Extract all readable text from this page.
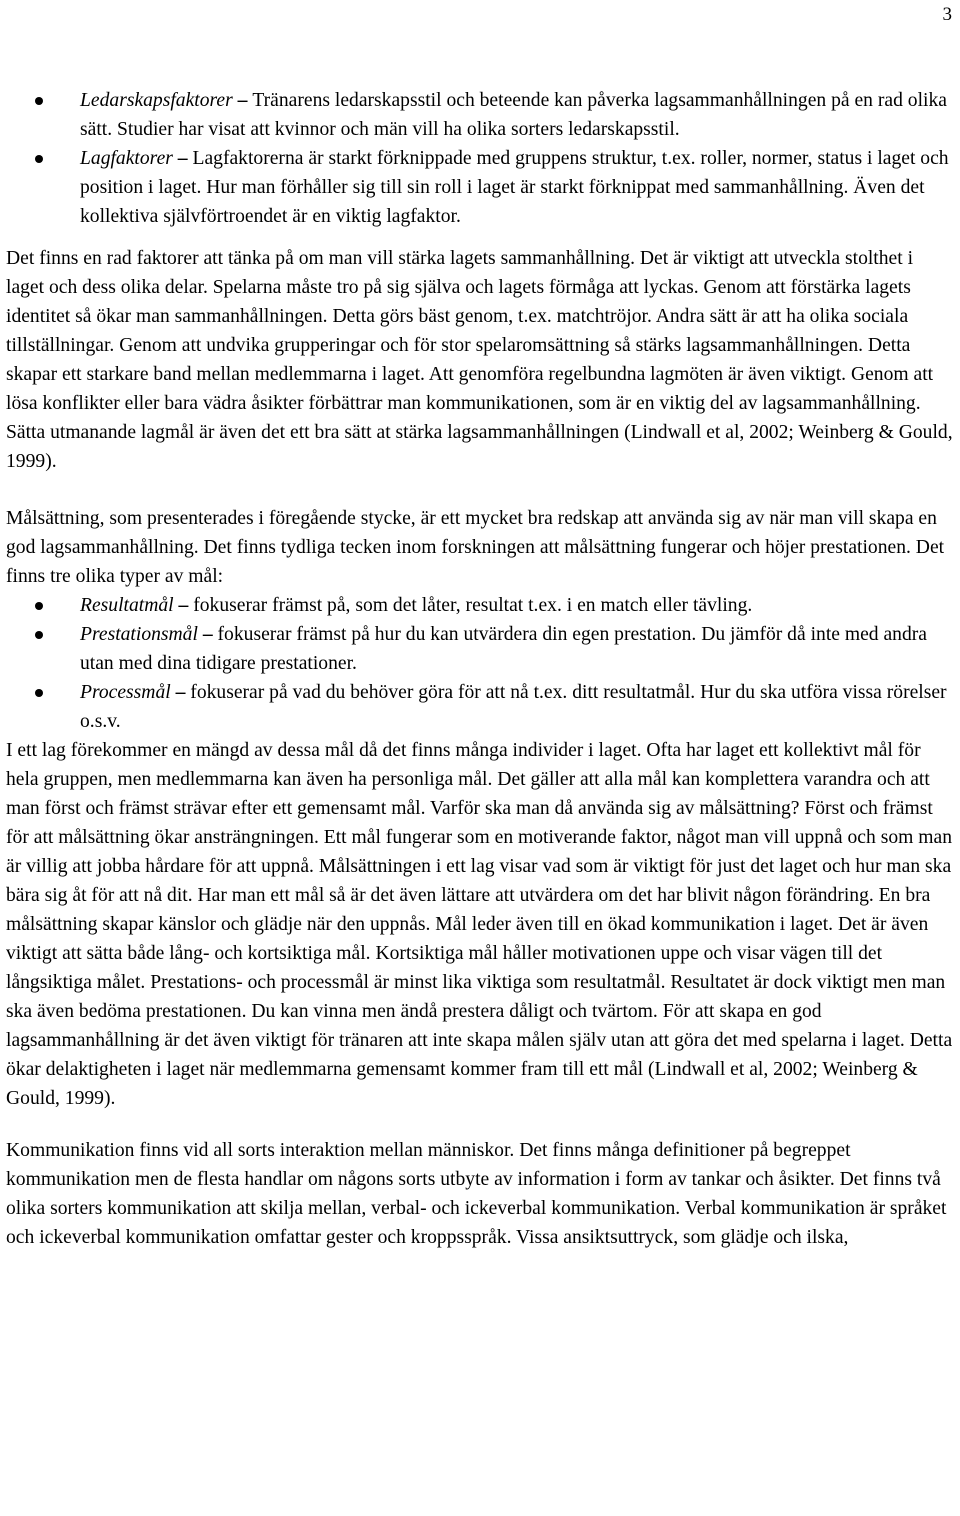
3
Ledarskapsfaktorer – Tränarens ledarskapsstil och beteende kan påverka lagsammanhållningen på en rad olika sätt. Studier har visat att kvinnor och män vill ha olika sorters ledarskapsstil.
Lagfaktorer – Lagfaktorerna är starkt förknippade med gruppens struktur, t.ex. roller, normer, status i laget och position i laget. Hur man förhåller sig till sin roll i laget är starkt förknippat med sammanhållning. Även det kollektiva självförtroendet är en viktig lagfaktor.

Det finns en rad faktorer att tänka på om man vill stärka lagets sammanhållning. Det är viktigt att utveckla stolthet i laget och dess olika delar. Spelarna måste tro på sig själva och lagets förmåga att lyckas. Genom att förstärka lagets identitet så ökar man sammanhållningen. Detta görs bäst genom, t.ex. matchtröjor. Andra sätt är att ha olika sociala tillställningar. Genom att undvika grupperingar och för stor spelaromsättning så stärks lagsammanhållningen. Detta skapar ett starkare band mellan medlemmarna i laget. Att genomföra regelbundna lagmöten är även viktigt. Genom att lösa konflikter eller bara vädra åsikter förbättrar man kommunikationen, som är en viktig del av lagsammanhållning. Sätta utmanande lagmål är även det ett bra sätt at stärka lagsammanhållningen (Lindwall et al, 2002; Weinberg & Gould, 1999).

Målsättning, som presenterades i föregående stycke, är ett mycket bra redskap att använda sig av när man vill skapa en god lagsammanhållning. Det finns tydliga tecken inom forskningen att målsättning fungerar och höjer prestationen. Det finns tre olika typer av mål:

Resultatmål – fokuserar främst på, som det låter, resultat t.ex. i en match eller tävling.
Prestationsmål – fokuserar främst på hur du kan utvärdera din egen prestation. Du jämför då inte med andra utan med dina tidigare prestationer.
Processmål – fokuserar på vad du behöver göra för att nå t.ex. ditt resultatmål. Hur du ska utföra vissa rörelser o.s.v.

I ett lag förekommer en mängd av dessa mål då det finns många individer i laget. Ofta har laget ett kollektivt mål för hela gruppen, men medlemmarna kan även ha personliga mål. Det gäller att alla mål kan komplettera varandra och att man först och främst strävar efter ett gemensamt mål. Varför ska man då använda sig av målsättning? Först och främst för att målsättning ökar ansträngningen. Ett mål fungerar som en motiverande faktor, något man vill uppnå och som man är villig att jobba hårdare för att uppnå. Målsättningen i ett lag visar vad som är viktigt för just det laget och hur man ska bära sig åt för att nå dit. Har man ett mål så är det även lättare att utvärdera om det har blivit någon förändring. En bra målsättning skapar känslor och glädje när den uppnås. Mål leder även till en ökad kommunikation i laget. Det är även viktigt att sätta både lång- och kortsiktiga mål. Kortsiktiga mål håller motivationen uppe och visar vägen till det långsiktiga målet. Prestations- och processmål är minst lika viktiga som resultatmål. Resultatet är dock viktigt men man ska även bedöma prestationen. Du kan vinna men ändå prestera dåligt och tvärtom. För att skapa en god lagsammanhållning är det även viktigt för tränaren att inte skapa målen själv utan att göra det med spelarna i laget. Detta ökar delaktigheten i laget när medlemmarna gemensamt kommer fram till ett mål (Lindwall et al, 2002; Weinberg & Gould, 1999).

Kommunikation finns vid all sorts interaktion mellan människor. Det finns många definitioner på begreppet kommunikation men de flesta handlar om någons sorts utbyte av information i form av tankar och åsikter. Det finns två olika sorters kommunikation att skilja mellan, verbal- och ickeverbal kommunikation. Verbal kommunikation är språket och ickeverbal kommunikation omfattar gester och kroppsspråk. Vissa ansiktsuttryck, som glädje och ilska,
